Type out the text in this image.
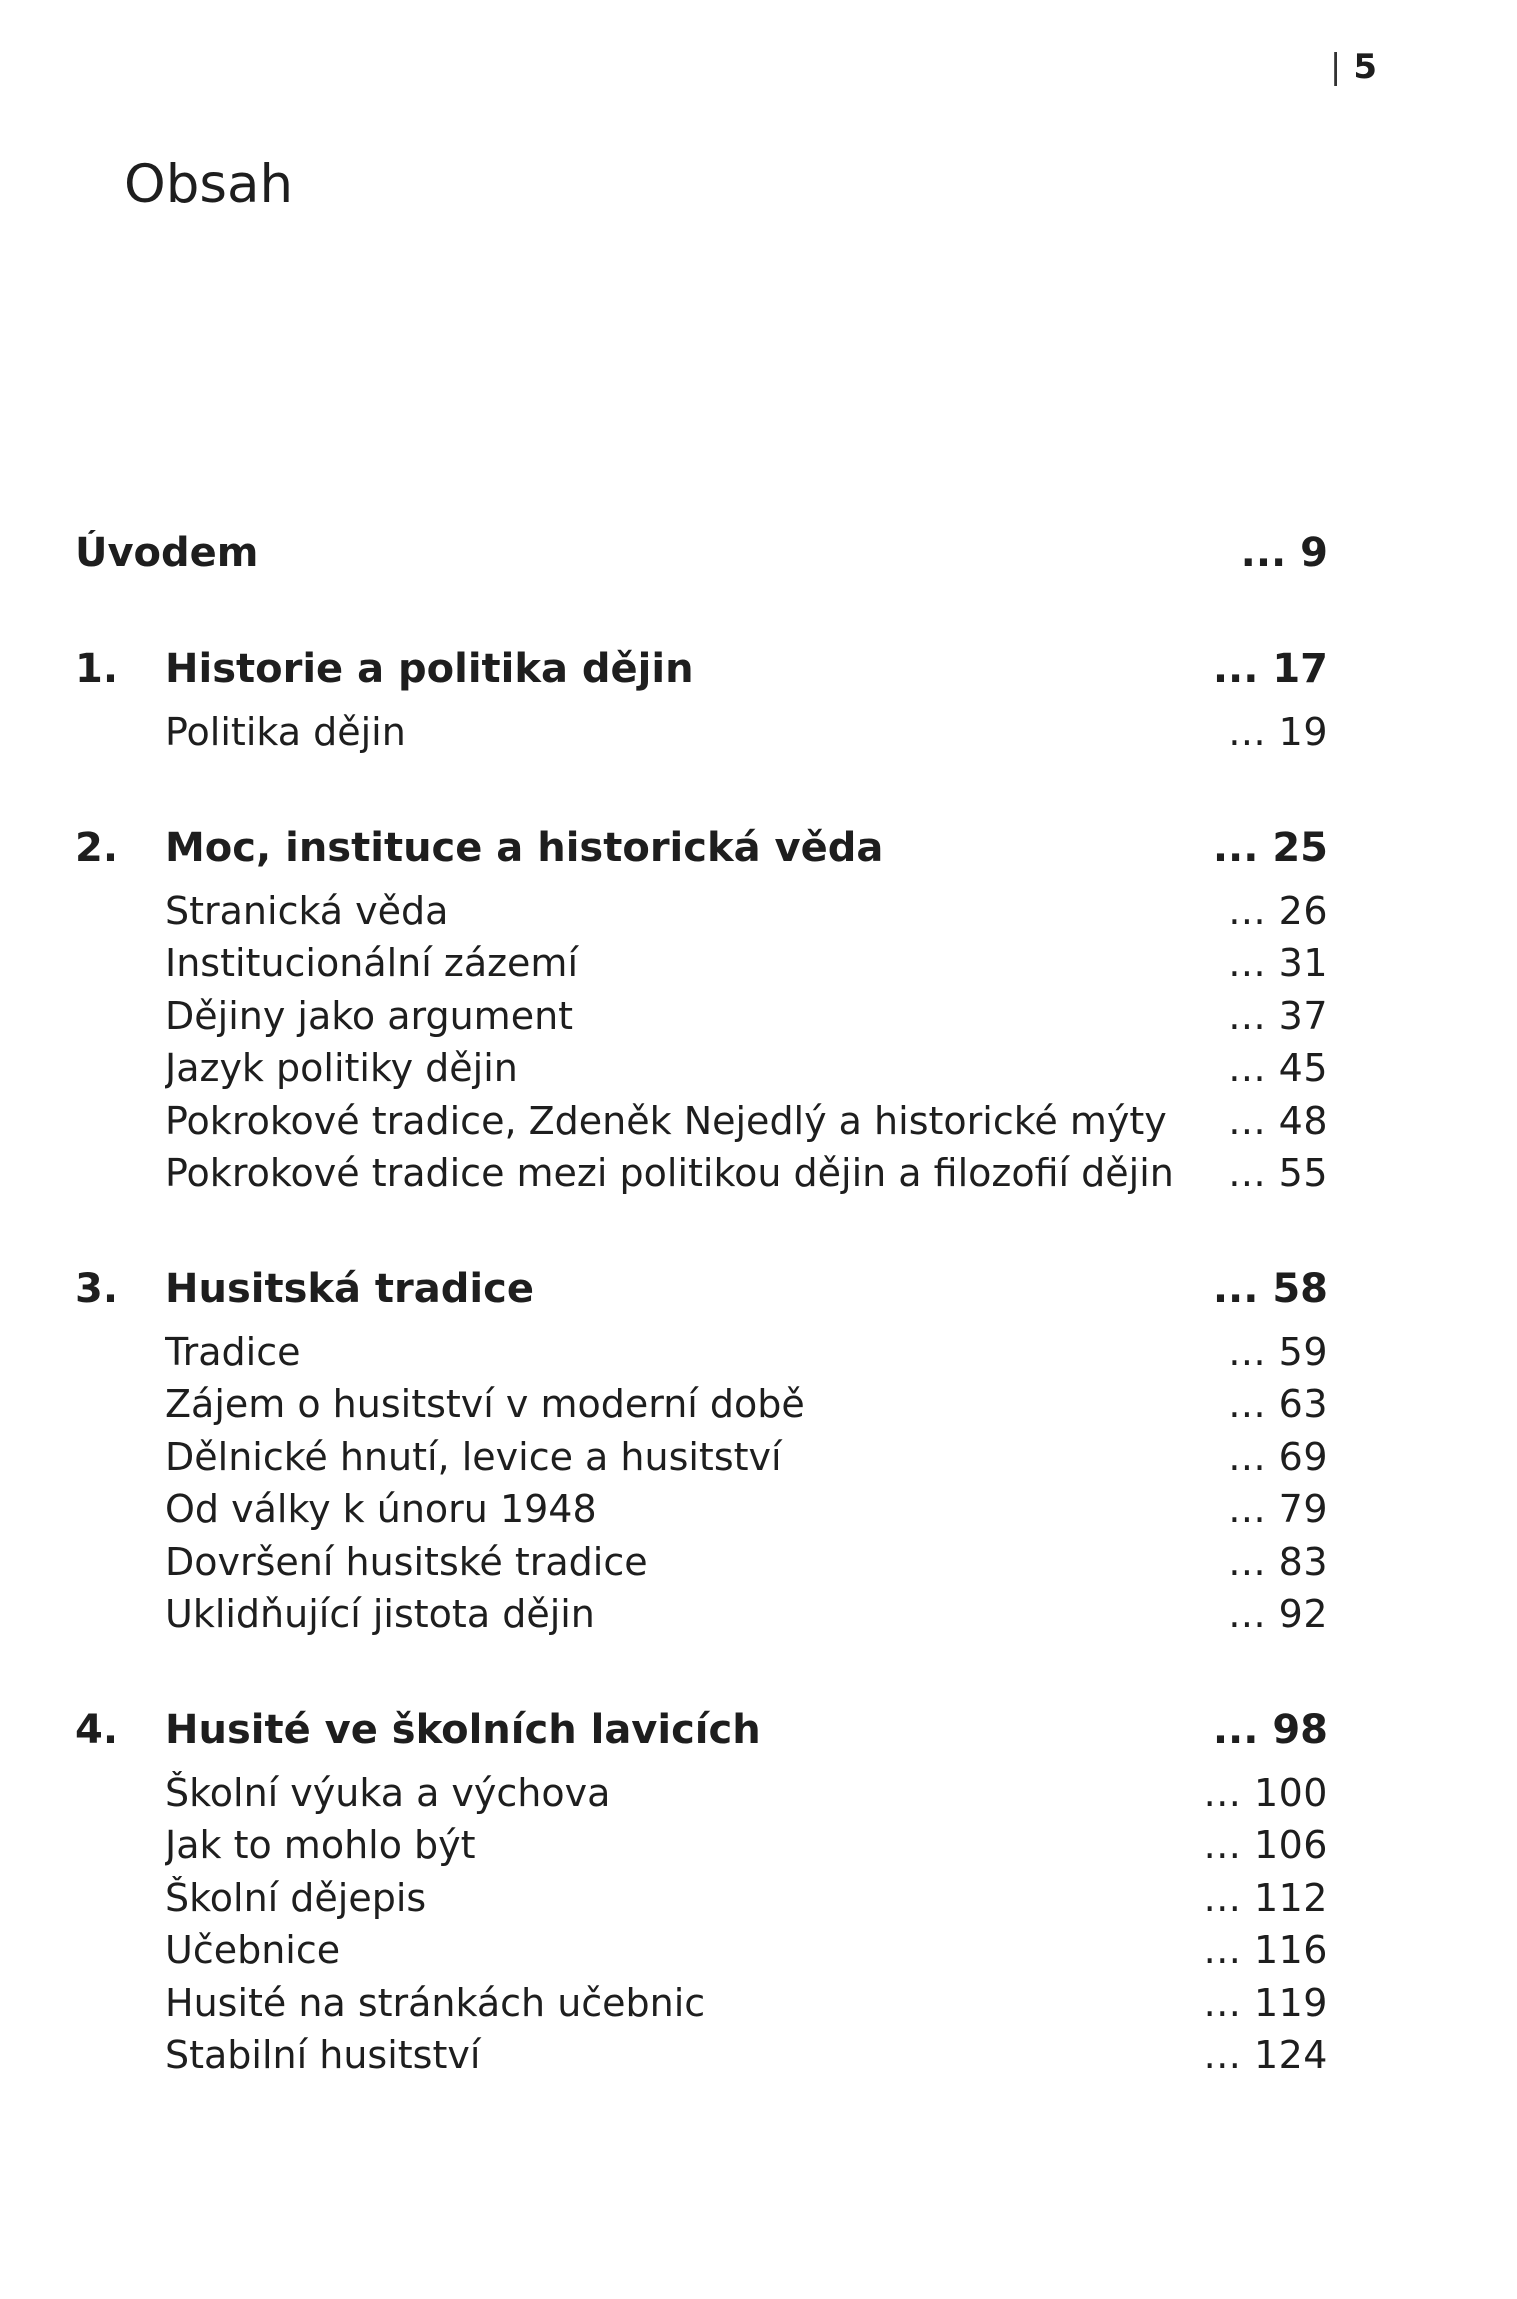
| 5
Obsah
Úvodem	... 9
1.	Historie a politika dějin	... 17
Politika dějin	... 19
2.	Moc, instituce a historická věda	... 25
Stranická věda	... 26
Institucionální zázemí	... 31
Dějiny jako argument	... 37
Jazyk politiky dějin	... 45
Pokrokové tradice, Zdeněk Nejedlý a historické mýty	... 48
Pokrokové tradice mezi politikou dějin a filozofií dějin	... 55
3.	Husitská tradice	... 58
Tradice	... 59
Zájem o husitství v moderní době	... 63
Dělnické hnutí, levice a husitství	... 69
Od války k únoru 1948	... 79
Dovršení husitské tradice	... 83
Uklidňující jistota dějin	... 92
4.	Husité ve školních lavicích	... 98
Školní výuka a výchova	... 100
Jak to mohlo být	... 106
Školní dějepis	... 112
Učebnice	... 116
Husité na stránkách učebnic	... 119
Stabilní husitství	... 124
